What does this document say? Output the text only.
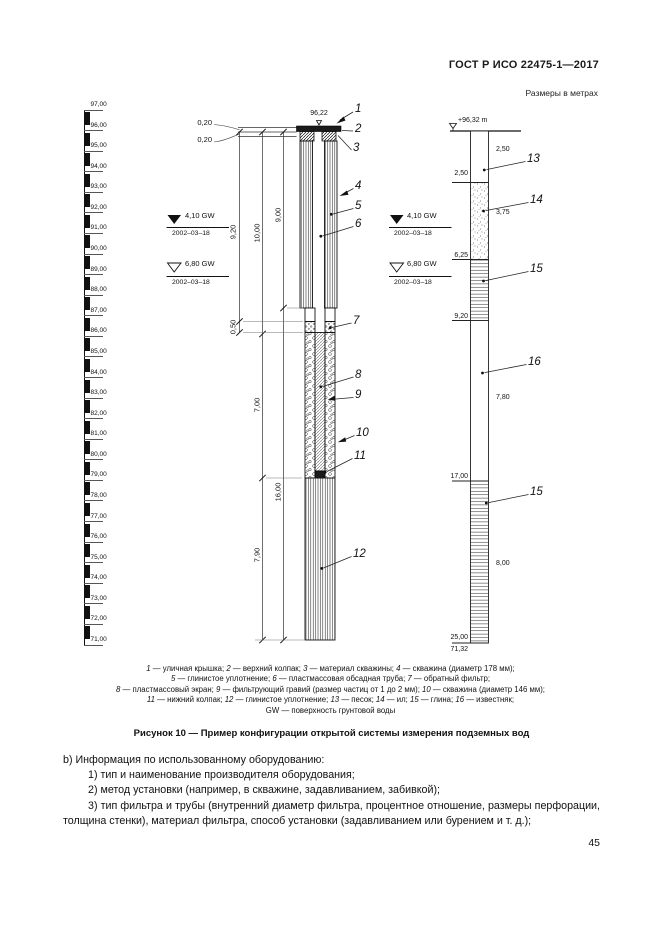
ГОСТ Р ИСО 22475-1—2017
Размеры в метрах
97,00
96,00
95,00
94,00
93,00
92,00
91,00
90,00
89,00
88,00
87,00
86,00
85,00
84,00
83,00
82,00
81,00
80,00
79,00
78,00
77,00
76,00
75,00
74,00
73,00
72,00
71,00
96,22
0,20
0,20
9,20 10,00
9,00
0,50
7,00
16,00
7,90
4,10 GW
2002–03–18
6,80 GW
2002–03–18
4,10 GW
2002–03–18
6,80 GW
2002–03–18
1
2
3
4
5
6
7
8
9
10
11
12
+96,32 m
2,50
6,25
9,20
17,00
25,00
71,32
2,50
3,75
7,80
8,00
13
14
15
16
15
1 — уличная крышка; 2 — верхний колпак; 3 — материал скважины; 4 — скважина (диаметр 178 мм);
5 — глинистое уплотнение; 6 — пластмассовая обсадная труба; 7 — обратный фильтр;
8 — пластмассовый экран; 9 — фильтрующий гравий (размер частиц от 1 до 2 мм); 10 — скважина (диаметр 146 мм);
11 — нижний колпак; 12 — глинистое уплотнение; 13 — песок; 14 — ил; 15 — глина; 16 — известняк;
GW — поверхность грунтовой воды
Рисунок 10 — Пример конфигурации открытой системы измерения подземных вод

b) Информация по использованному оборудованию:

1) тип и наименование производителя оборудования;

2) метод установки (например, в скважине, задавливанием, забивкой);

3) тип фильтра и трубы (внутренний диаметр фильтра, процентное отношение, размеры перфорации, толщина стенки), материал фильтра, способ установки (задавливанием или бурением и т. д.);

45
